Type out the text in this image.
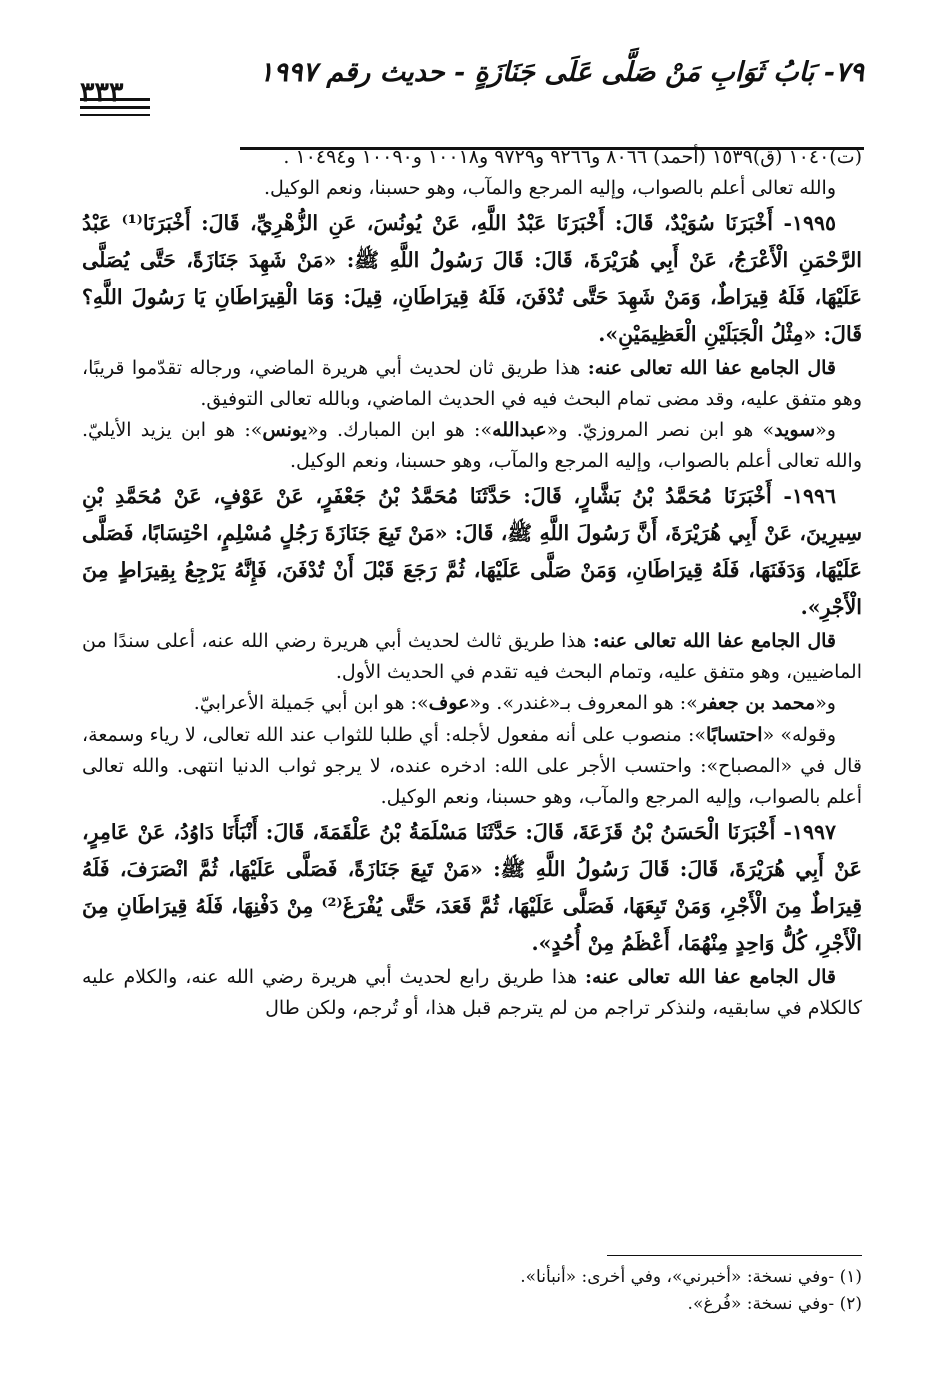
٧٩- بَابُ ثَوَابِ مَنْ صَلَّى عَلَى جَنَازَةٍ - حديث رقم ١٩٩٧
٣٣٣

(ت)١٠٤٠ (ق)١٥٣٩ (أحمد) ٨٠٦٦ و٩٢٦٦ و٩٧٢٩ و١٠٠١٨ و١٠٠٩٠ و١٠٤٩٤ .

والله تعالى أعلم بالصواب، وإليه المرجع والمآب، وهو حسبنا، ونعم الوكيل.

١٩٩٥- أَخْبَرَنَا سُوَيْدٌ، قَالَ: أَخْبَرَنَا عَبْدُ اللَّهِ، عَنْ يُونُسَ، عَنِ الزُّهْرِيِّ، قَالَ: أَخْبَرَنَا⁽¹⁾ عَبْدُ الرَّحْمَنِ الْأَعْرَجُ، عَنْ أَبِي هُرَيْرَةَ، قَالَ: قَالَ رَسُولُ اللَّهِ ﷺ: «مَنْ شَهِدَ جَنَازَةً، حَتَّى يُصَلَّى عَلَيْهَا، فَلَهُ قِيرَاطٌ، وَمَنْ شَهِدَ حَتَّى تُدْفَنَ، فَلَهُ قِيرَاطَانِ، قِيلَ: وَمَا الْقِيرَاطَانِ يَا رَسُولَ اللَّهِ؟ قَالَ: «مِثْلُ الْجَبَلَيْنِ الْعَظِيمَيْنِ».

قال الجامع عفا الله تعالى عنه: هذا طريق ثان لحديث أبي هريرة الماضي، ورجاله تقدّموا قريبًا، وهو متفق عليه، وقد مضى تمام البحث فيه في الحديث الماضي، وبالله تعالى التوفيق.

و«سويد» هو ابن نصر المروزيّ. و«عبدالله»: هو ابن المبارك. و«يونس»: هو ابن يزيد الأيليّ. والله تعالى أعلم بالصواب، وإليه المرجع والمآب، وهو حسبنا، ونعم الوكيل.

١٩٩٦- أَخْبَرَنَا مُحَمَّدُ بْنُ بَشَّارٍ، قَالَ: حَدَّثَنَا مُحَمَّدُ بْنُ جَعْفَرٍ، عَنْ عَوْفٍ، عَنْ مُحَمَّدِ بْنِ سِيرِينَ، عَنْ أَبِي هُرَيْرَةَ، أَنَّ رَسُولَ اللَّهِ ﷺ، قَالَ: «مَنْ تَبِعَ جَنَازَةَ رَجُلٍ مُسْلِمٍ، احْتِسَابًا، فَصَلَّى عَلَيْهَا، وَدَفَنَهَا، فَلَهُ قِيرَاطَانِ، وَمَنْ صَلَّى عَلَيْهَا، ثُمَّ رَجَعَ قَبْلَ أَنْ تُدْفَنَ، فَإِنَّهُ يَرْجِعُ بِقِيرَاطٍ مِنَ الْأَجْرِ».

قال الجامع عفا الله تعالى عنه: هذا طريق ثالث لحديث أبي هريرة رضي الله عنه، أعلى سندًا من الماضيين، وهو متفق عليه، وتمام البحث فيه تقدم في الحديث الأول.

و«محمد بن جعفر»: هو المعروف بـ«غندر». و«عوف»: هو ابن أبي جَميلة الأعرابيّ.

وقوله» «احتسابًا»: منصوب على أنه مفعول لأجله: أي طلبا للثواب عند الله تعالى، لا رياء وسمعة، قال في «المصباح»: واحتسب الأجر على الله: ادخره عنده، لا يرجو ثواب الدنيا انتهى. والله تعالى أعلم بالصواب، وإليه المرجع والمآب، وهو حسبنا، ونعم الوكيل.

١٩٩٧- أَخْبَرَنَا الْحَسَنُ بْنُ قَزَعَةَ، قَالَ: حَدَّثَنَا مَسْلَمَةُ بْنُ عَلْقَمَةَ، قَالَ: أَنْبَأَنَا دَاوُدُ، عَنْ عَامِرٍ، عَنْ أَبِي هُرَيْرَةَ، قَالَ: قَالَ رَسُولُ اللَّهِ ﷺ: «مَنْ تَبِعَ جَنَازَةً، فَصَلَّى عَلَيْهَا، ثُمَّ انْصَرَفَ، فَلَهُ قِيرَاطٌ مِنَ الْأَجْرِ، وَمَنْ تَبِعَهَا، فَصَلَّى عَلَيْهَا، ثُمَّ قَعَدَ، حَتَّى يُفْرَغَ⁽²⁾ مِنْ دَفْنِهَا، فَلَهُ قِيرَاطَانِ مِنَ الْأَجْرِ، كُلُّ وَاحِدٍ مِنْهُمَا، أَعْظَمُ مِنْ أُحُدٍ».

قال الجامع عفا الله تعالى عنه: هذا طريق رابع لحديث أبي هريرة رضي الله عنه، والكلام عليه كالكلام في سابقيه، ولنذكر تراجم من لم يترجم قبل هذا، أو تُرجم، ولكن طال

(١) -وفي نسخة: «أخبرني»، وفي أخرى: «أنبأنا».

(٢) -وفي نسخة: «فُرغ».
